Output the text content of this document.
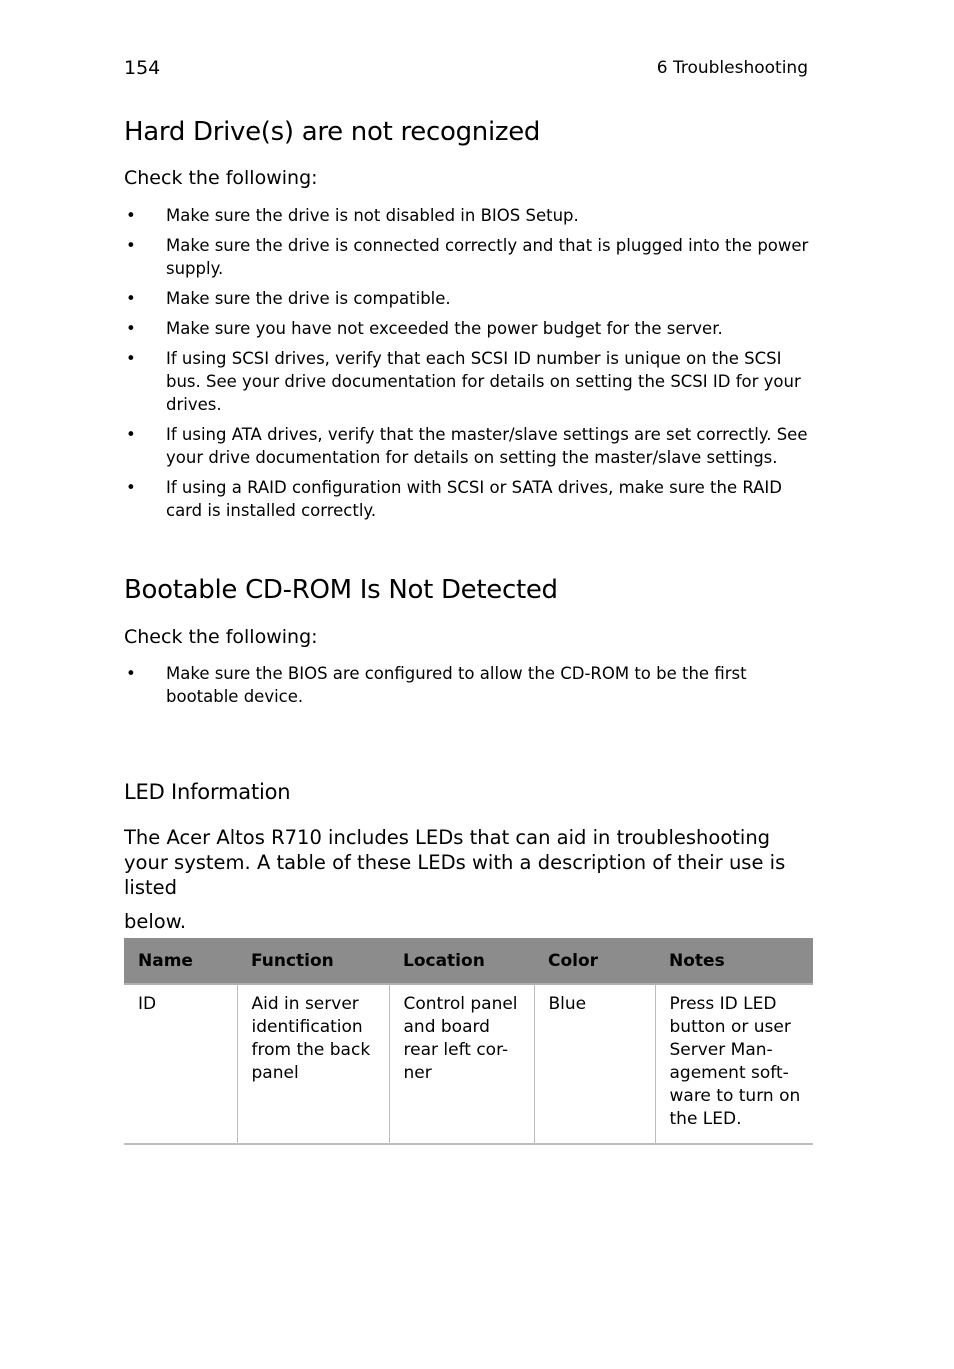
154	6 Troubleshooting
Hard Drive(s) are not recognized
Check the following:
• Make sure the drive is not disabled in BIOS Setup.
• Make sure the drive is connected correctly and that is plugged into the power supply.
• Make sure the drive is compatible.
• Make sure you have not exceeded the power budget for the server.
• If using SCSI drives, verify that each SCSI ID number is unique on the SCSI bus. See your drive documentation for details on setting the SCSI ID for your drives.
• If using ATA drives, verify that the master/slave settings are set correctly. See your drive documentation for details on setting the master/slave settings.
• If using a RAID configuration with SCSI or SATA drives, make sure the RAID card is installed correctly.
Bootable CD-ROM Is Not Detected
Check the following:
• Make sure the BIOS are configured to allow the CD-ROM to be the first bootable device.
LED Information
The Acer Altos R710 includes LEDs that can aid in troubleshooting your system. A table of these LEDs with a description of their use is listed
below.
Name	Function	Location	Color	Notes
ID	Aid in server identification from the back panel	Control panel and board rear left cor-ner	Blue	Press ID LED button or user Server Man-agement soft-ware to turn on the LED.
